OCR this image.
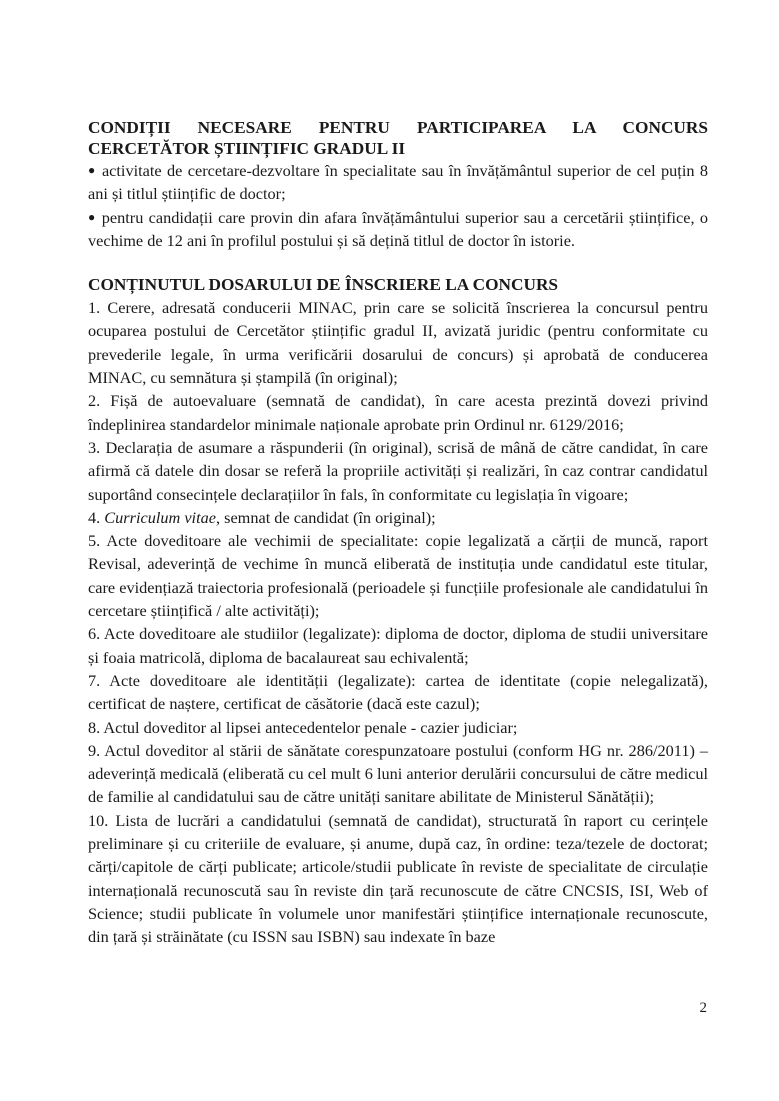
CONDIȚII NECESARE PENTRU PARTICIPAREA LA CONCURS
CERCETĂTOR ȘTIINȚIFIC GRADUL II

● activitate de cercetare-dezvoltare în specialitate sau în învățământul superior de cel puțin 8 ani și titlul științific de doctor;

● pentru candidații care provin din afara învățământului superior sau a cercetării științifice, o vechime de 12 ani în profilul postului și să dețină titlul de doctor în istorie.

CONȚINUTUL DOSARULUI DE ÎNSCRIERE LA CONCURS

1. Cerere, adresată conducerii MINAC, prin care se solicită înscrierea la concursul pentru ocuparea postului de Cercetător științific gradul II, avizată juridic (pentru conformitate cu prevederile legale, în urma verificării dosarului de concurs) și aprobată de conducerea MINAC, cu semnătura și ștampilă (în original);

2. Fișă de autoevaluare (semnată de candidat), în care acesta prezintă dovezi privind îndeplinirea standardelor minimale naționale aprobate prin Ordinul nr. 6129/2016;

3. Declarația de asumare a răspunderii (în original), scrisă de mână de către candidat, în care afirmă că datele din dosar se referă la propriile activități și realizări, în caz contrar candidatul suportând consecințele declarațiilor în fals, în conformitate cu legislația în vigoare;

4. Curriculum vitae, semnat de candidat (în original);

5. Acte doveditoare ale vechimii de specialitate: copie legalizată a cărții de muncă, raport Revisal, adeverință de vechime în muncă eliberată de instituția unde candidatul este titular, care evidențiază traiectoria profesională (perioadele și funcțiile profesionale ale candidatului în cercetare științifică / alte activități);

6. Acte doveditoare ale studiilor (legalizate): diploma de doctor, diploma de studii universitare și foaia matricolă, diploma de bacalaureat sau echivalentă;

7. Acte doveditoare ale identității (legalizate): cartea de identitate (copie nelegalizată), certificat de naștere, certificat de căsătorie (dacă este cazul);

8. Actul doveditor al lipsei antecedentelor penale - cazier judiciar;

9. Actul doveditor al stării de sănătate corespunzatoare postului (conform HG nr. 286/2011) – adeverință medicală (eliberată cu cel mult 6 luni anterior derulării concursului de către medicul de familie al candidatului sau de către unități sanitare abilitate de Ministerul Sănătății);

10. Lista de lucrări a candidatului (semnată de candidat), structurată în raport cu cerințele preliminare și cu criteriile de evaluare, și anume, după caz, în ordine: teza/tezele de doctorat; cărți/capitole de cărți publicate; articole/studii publicate în reviste de specialitate de circulație internațională recunoscută sau în reviste din țară recunoscute de către CNCSIS, ISI, Web of Science; studii publicate în volumele unor manifestări științifice internaționale recunoscute, din țară și străinătate (cu ISSN sau ISBN) sau indexate în baze

2
